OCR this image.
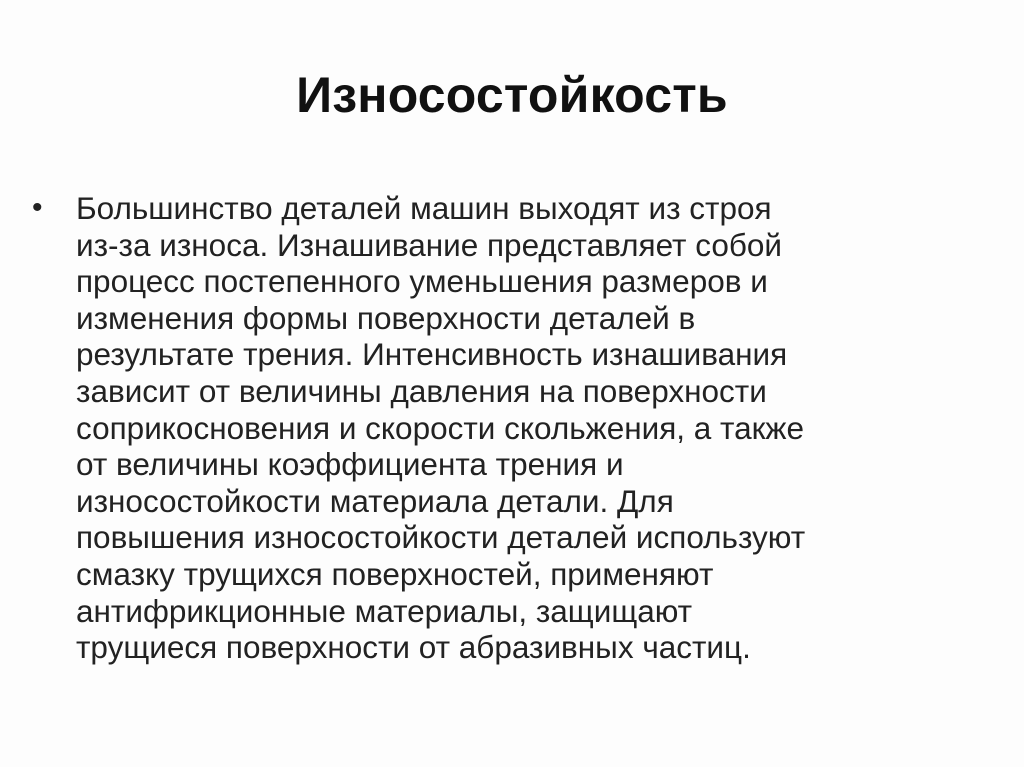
Износостойкость
• Большинство деталей машин выходят из строя
из-за износа. Изнашивание представляет собой
процесс постепенного уменьшения размеров и
изменения формы поверхности деталей в
результате трения. Интенсивность изнашивания
зависит от величины давления на поверхности
соприкосновения и скорости скольжения, а также
от величины коэффициента трения и
износостойкости материала детали. Для
повышения износостойкости деталей используют
смазку трущихся поверхностей, применяют
антифрикционные материалы, защищают
трущиеся поверхности от абразивных частиц.
